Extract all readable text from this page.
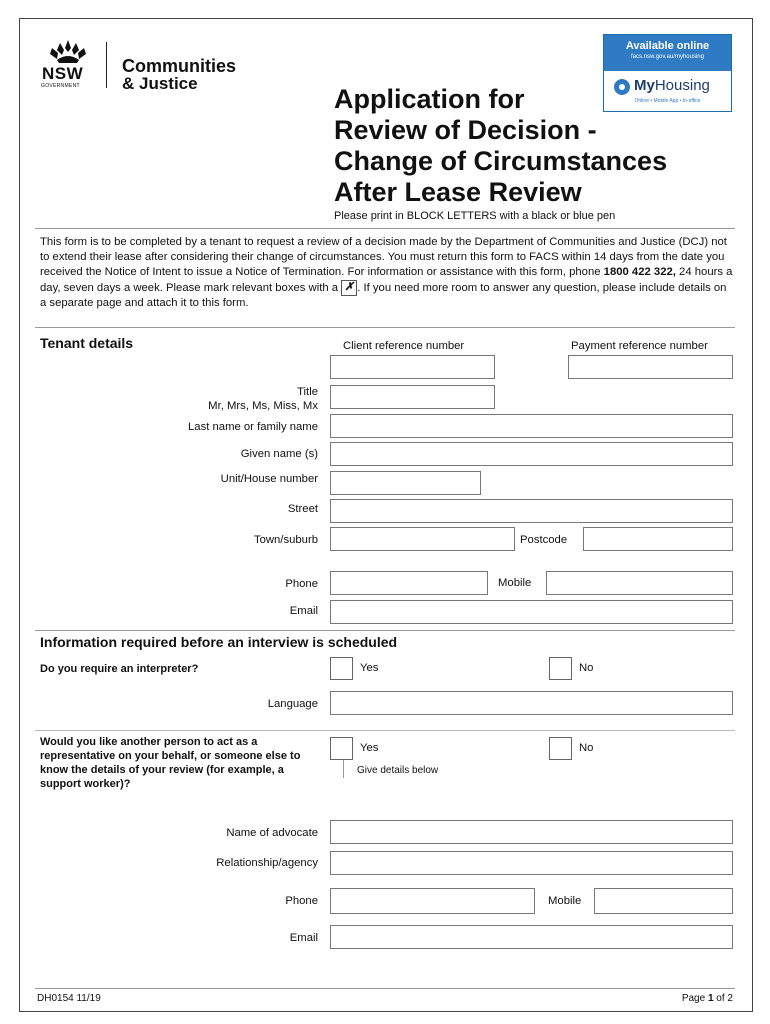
NSW
GOVERNMENT
Communities
& Justice
Available online
facs.nsw.gov.au/myhousing
MyHousing
Online • Mobile App • In-office
Application for
Review of Decision -
Change of Circumstances
After Lease Review
Please print in BLOCK LETTERS with a black or blue pen
This form is to be completed by a tenant to request a review of a decision made by the Department of Communities and Justice (DCJ) not to extend their lease after considering their change of circumstances. You must return this form to FACS within 14 days from the date you received the Notice of Intent to issue a Notice of Termination. For information or assistance with this form, phone 1800 422 322, 24 hours a day, seven days a week. Please mark relevant boxes with a ✗ . If you need more room to answer any question, please include details on a separate page and attach it to this form.
Tenant details	Client reference number	Payment reference number
Title
Mr, Mrs, Ms, Miss, Mx
Last name or family name
Given name (s)
Unit/House number
Street
Town/suburb	Postcode
Phone	Mobile
Email
Information required before an interview is scheduled
Do you require an interpreter?	Yes	No
Language
Would you like another person to act as a representative on your behalf, or someone else to know the details of your review (for example, a support worker)?
Yes
Give details below
No
Name of advocate
Relationship/agency
Phone	Mobile
Email
DH0154 11/19	Page 1 of 2
